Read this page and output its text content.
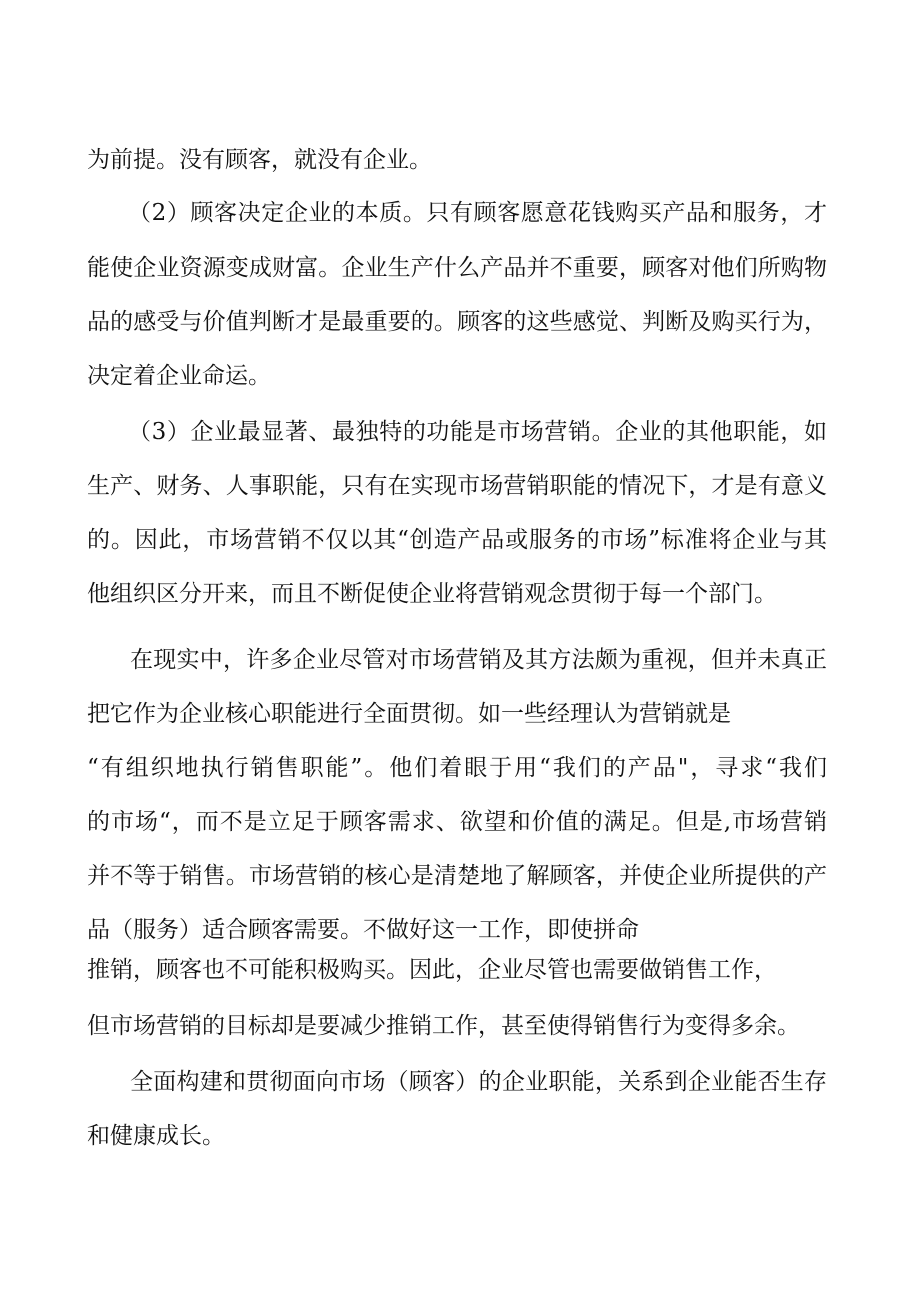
为前提。没有顾客，就没有企业。
（2）顾客决定企业的本质。只有顾客愿意花钱购买产品和服务，才
能使企业资源变成财富。企业生产什么产品并不重要，顾客对他们所购物
品的感受与价值判断才是最重要的。顾客的这些感觉、判断及购买行为，
决定着企业命运。
（3）企业最显著、最独特的功能是市场营销。企业的其他职能，如
生产、财务、人事职能，只有在实现市场营销职能的情况下，才是有意义
的。因此，市场营销不仅以其“创造产品或服务的市场”标准将企业与其
他组织区分开来，而且不断促使企业将营销观念贯彻于每一个部门。
在现实中，许多企业尽管对市场营销及其方法颇为重视，但并未真正
把它作为企业核心职能进行全面贯彻。如一些经理认为营销就是
“有组织地执行销售职能”。他们着眼于用“我们的产品"，寻求“我们
的市场“，而不是立足于顾客需求、欲望和价值的满足。但是,市场营销
并不等于销售。市场营销的核心是清楚地了解顾客，并使企业所提供的产
品（服务）适合顾客需要。不做好这一工作，即使拼命
推销，顾客也不可能积极购买。因此，企业尽管也需要做销售工作，
但市场营销的目标却是要减少推销工作，甚至使得销售行为变得多余。
全面构建和贯彻面向市场（顾客）的企业职能，关系到企业能否生存
和健康成长。
